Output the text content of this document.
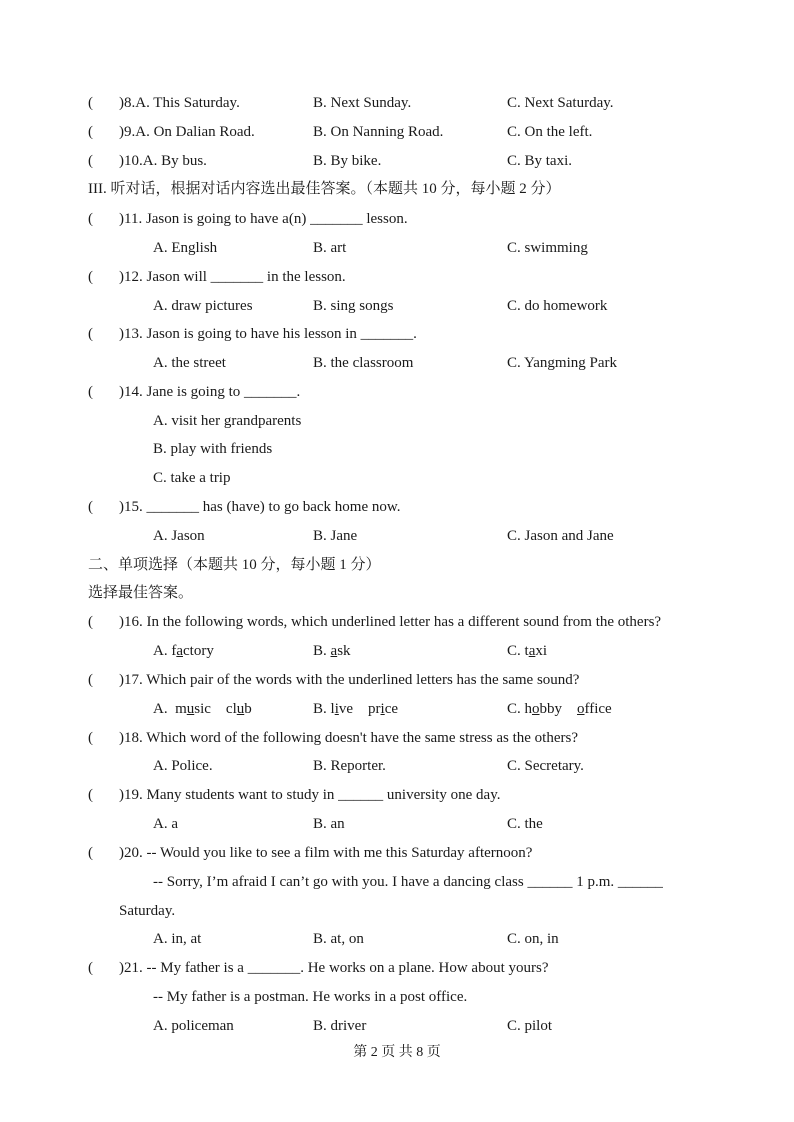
( )8.A. This Saturday.	B. Next Sunday.	C. Next Saturday.
( )9.A. On Dalian Road.	B. On Nanning Road.	C. On the left.
( )10.A. By bus.	B. By bike.	C. By taxi.
III. 听对话，根据对话内容选出最佳答案。（本题共 10 分，每小题 2 分）
( )11. Jason is going to have a(n) _______ lesson.
A. English	B. art	C. swimming
( )12. Jason will _______ in the lesson.
A. draw pictures	B. sing songs	C. do homework
( )13. Jason is going to have his lesson in _______.
A. the street	B. the classroom	C. Yangming Park
( )14. Jane is going to _______.
A. visit her grandparents
B. play with friends
C. take a trip
( )15. _______ has (have) to go back home now.
A. Jason	B. Jane	C. Jason and Jane
二、单项选择（本题共 10 分，每小题 1 分）
选择最佳答案。
( )16. In the following words, which underlined letter has a different sound from the others?
A. factory	B. ask	C. taxi
( )17. Which pair of the words with the underlined letters has the same sound?
A.  music    club	B. live    price	C. hobby    office
( )18. Which word of the following doesn't have the same stress as the others?
A. Police.	B. Reporter.	C. Secretary.
( )19. Many students want to study in ______ university one day.
A. a	B. an	C. the
( )20. -- Would you like to see a film with me this Saturday afternoon?
-- Sorry, I’m afraid I can’t go with you. I have a dancing class ______ 1 p.m. ______
Saturday.
A. in, at	B. at, on	C. on, in
( )21. -- My father is a _______. He works on a plane. How about yours?
-- My father is a postman. He works in a post office.
A. policeman	B. driver	C. pilot
第 2 页 共 8 页
